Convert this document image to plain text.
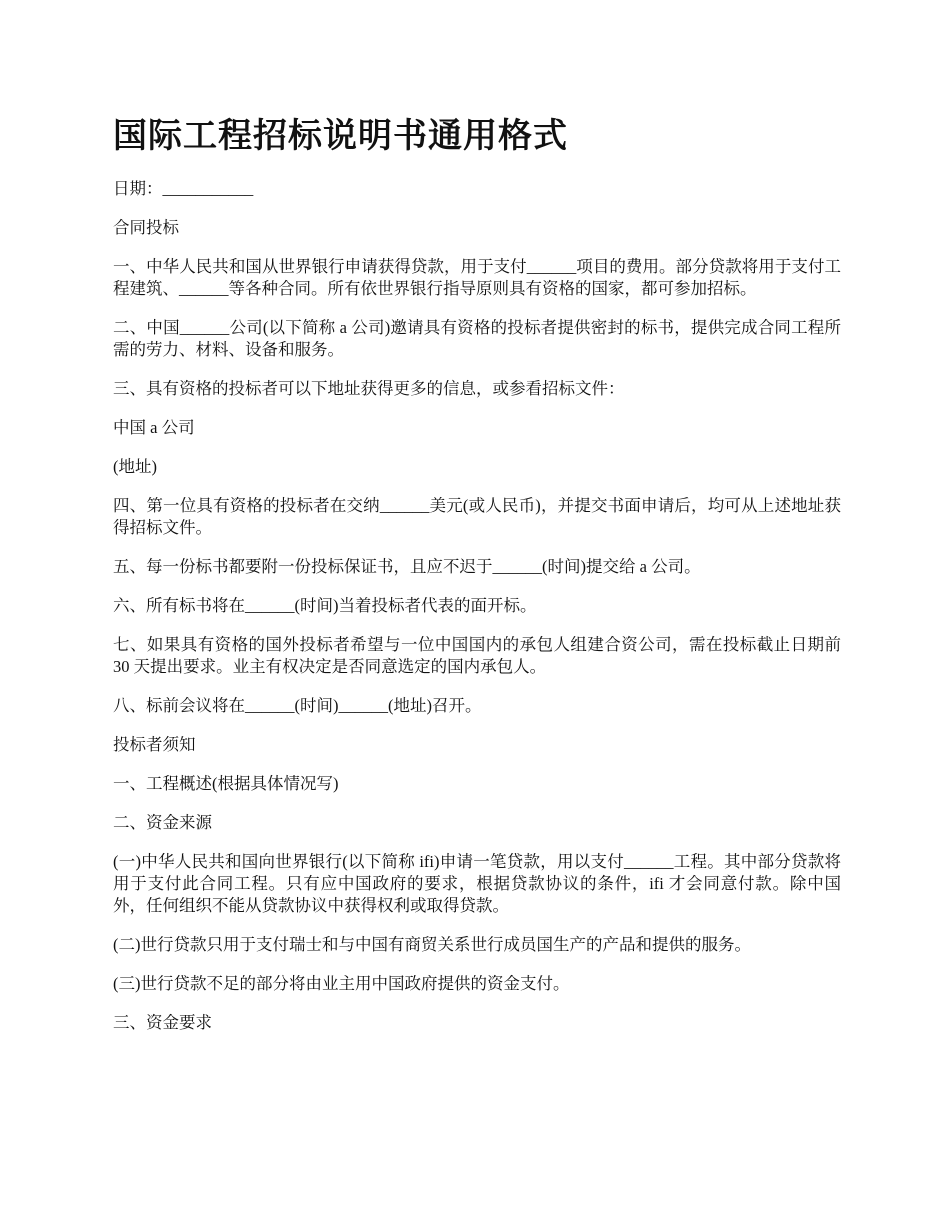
国际工程招标说明书通用格式

日期：___________

合同投标

一、中华人民共和国从世界银行申请获得贷款，用于支付______项目的费用。部分贷款将用于支付工程建筑、______等各种合同。所有依世界银行指导原则具有资格的国家，都可参加招标。

二、中国______公司(以下简称 a 公司)邀请具有资格的投标者提供密封的标书，提供完成合同工程所需的劳力、材料、设备和服务。

三、具有资格的投标者可以下地址获得更多的信息，或参看招标文件：

中国 a 公司

(地址)

四、第一位具有资格的投标者在交纳______美元(或人民币)，并提交书面申请后，均可从上述地址获得招标文件。

五、每一份标书都要附一份投标保证书，且应不迟于______(时间)提交给 a 公司。

六、所有标书将在______(时间)当着投标者代表的面开标。

七、如果具有资格的国外投标者希望与一位中国国内的承包人组建合资公司，需在投标截止日期前 30 天提出要求。业主有权决定是否同意选定的国内承包人。

八、标前会议将在______(时间)______(地址)召开。

投标者须知

一、工程概述(根据具体情况写)

二、资金来源

(一)中华人民共和国向世界银行(以下简称 ifi)申请一笔贷款，用以支付______工程。其中部分贷款将用于支付此合同工程。只有应中国政府的要求，根据贷款协议的条件，ifi 才会同意付款。除中国外，任何组织不能从贷款协议中获得权利或取得贷款。

(二)世行贷款只用于支付瑞士和与中国有商贸关系世行成员国生产的产品和提供的服务。

(三)世行贷款不足的部分将由业主用中国政府提供的资金支付。

三、资金要求
